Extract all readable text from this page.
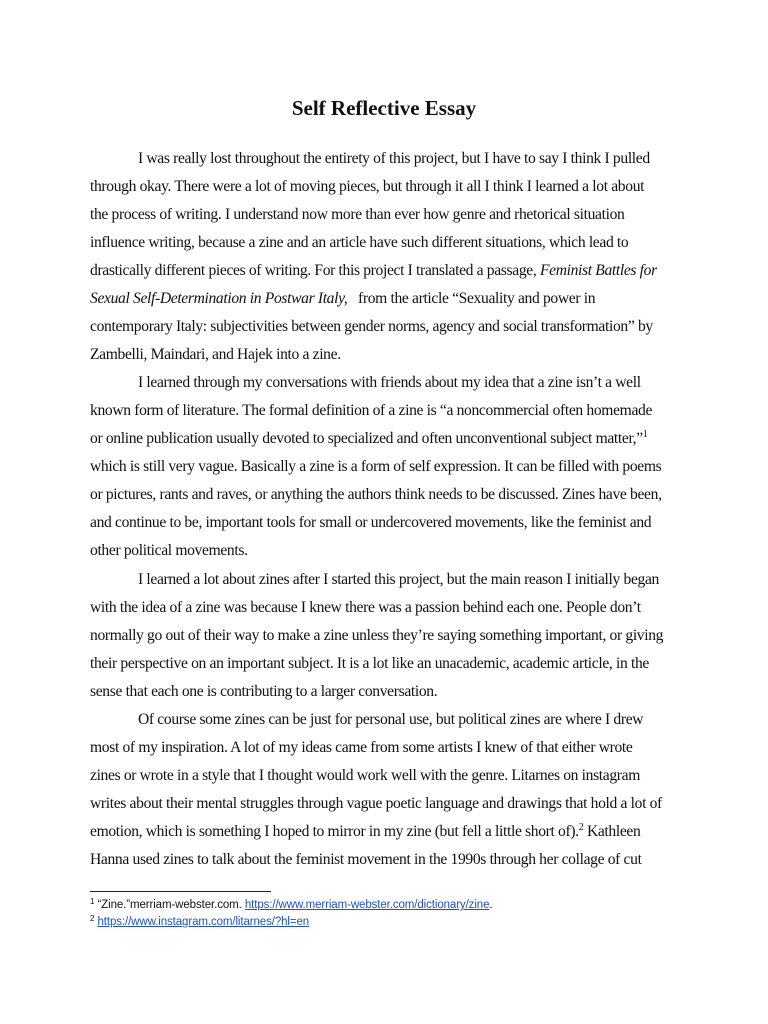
Self Reflective Essay
I was really lost throughout the entirety of this project, but I have to say I think I pulled
through okay. There were a lot of moving pieces, but through it all I think I learned a lot about
the process of writing. I understand now more than ever how genre and rhetorical situation
influence writing, because a zine and an article have such different situations, which lead to
drastically different pieces of writing. For this project I translated a passage, Feminist Battles for
Sexual Self-Determination in Postwar Italy, from the article “Sexuality and power in
contemporary Italy: subjectivities between gender norms, agency and social transformation” by
Zambelli, Maindari, and Hajek into a zine.
I learned through my conversations with friends about my idea that a zine isn’t a well
known form of literature. The formal definition of a zine is “a noncommercial often homemade
or online publication usually devoted to specialized and often unconventional subject matter,”$^1$
which is still very vague. Basically a zine is a form of self expression. It can be filled with poems
or pictures, rants and raves, or anything the authors think needs to be discussed. Zines have been,
and continue to be, important tools for small or undercovered movements, like the feminist and
other political movements.
I learned a lot about zines after I started this project, but the main reason I initially began
with the idea of a zine was because I knew there was a passion behind each one. People don’t
normally go out of their way to make a zine unless they’re saying something important, or giving
their perspective on an important subject. It is a lot like an unacademic, academic article, in the
sense that each one is contributing to a larger conversation.
Of course some zines can be just for personal use, but political zines are where I drew
most of my inspiration. A lot of my ideas came from some artists I knew of that either wrote
zines or wrote in a style that I thought would work well with the genre. Litarnes on instagram
writes about their mental struggles through vague poetic language and drawings that hold a lot of
emotion, which is something I hoped to mirror in my zine (but fell a little short of).$^2$ Kathleen
Hanna used zines to talk about the feminist movement in the 1990s through her collage of cut
$^1$ “Zine.”merriam-webster.com. https://www.merriam-webster.com/dictionary/zine.
$^2$ https://www.instagram.com/litarnes/?hl=en
